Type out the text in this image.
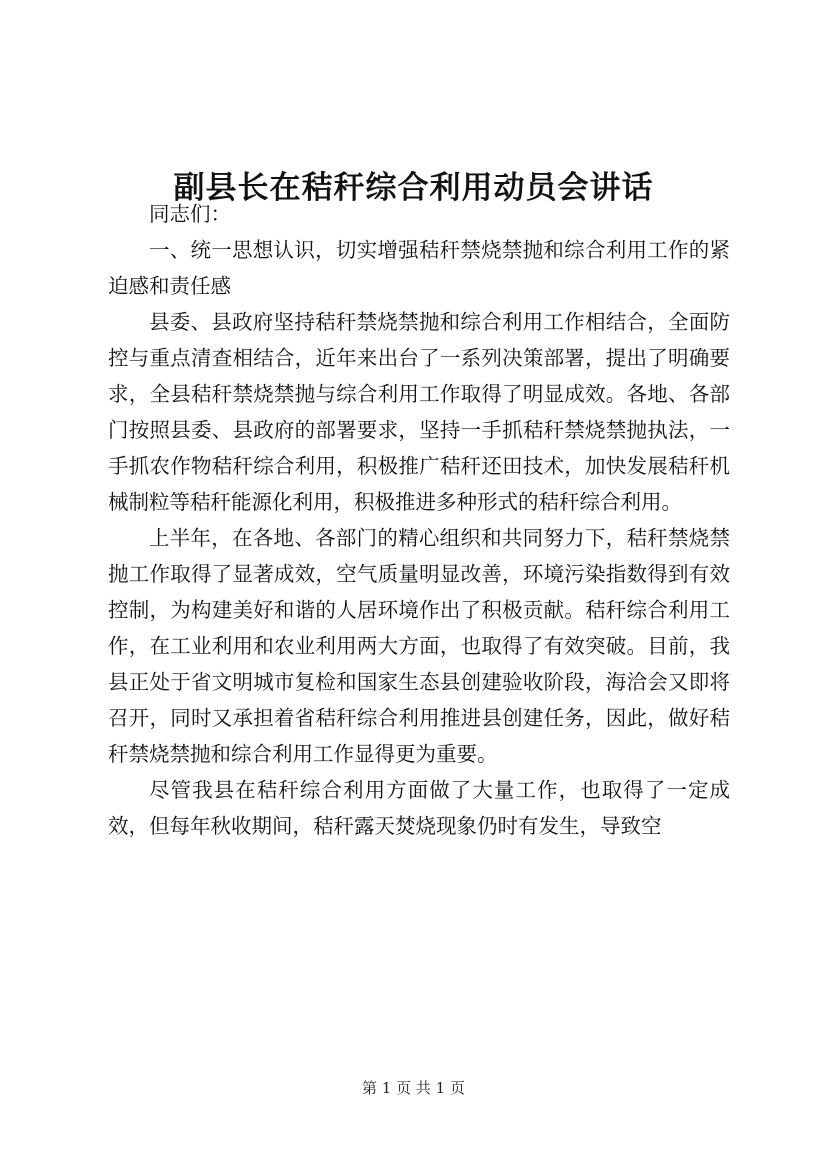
副县长在秸秆综合利用动员会讲话

同志们：

一、统一思想认识，切实增强秸秆禁烧禁抛和综合利用工作的紧迫感和责任感

县委、县政府坚持秸秆禁烧禁抛和综合利用工作相结合，全面防控与重点清查相结合，近年来出台了一系列决策部署，提出了明确要求，全县秸秆禁烧禁抛与综合利用工作取得了明显成效。各地、各部门按照县委、县政府的部署要求，坚持一手抓秸秆禁烧禁抛执法，一手抓农作物秸秆综合利用，积极推广秸秆还田技术，加快发展秸秆机械制粒等秸秆能源化利用，积极推进多种形式的秸秆综合利用。

上半年，在各地、各部门的精心组织和共同努力下，秸秆禁烧禁抛工作取得了显著成效，空气质量明显改善，环境污染指数得到有效控制，为构建美好和谐的人居环境作出了积极贡献。秸秆综合利用工作，在工业利用和农业利用两大方面，也取得了有效突破。目前，我县正处于省文明城市复检和国家生态县创建验收阶段，海洽会又即将召开，同时又承担着省秸秆综合利用推进县创建任务，因此，做好秸秆禁烧禁抛和综合利用工作显得更为重要。

尽管我县在秸秆综合利用方面做了大量工作，也取得了一定成效，但每年秋收期间，秸秆露天焚烧现象仍时有发生，导致空

第 1 页 共 1 页
